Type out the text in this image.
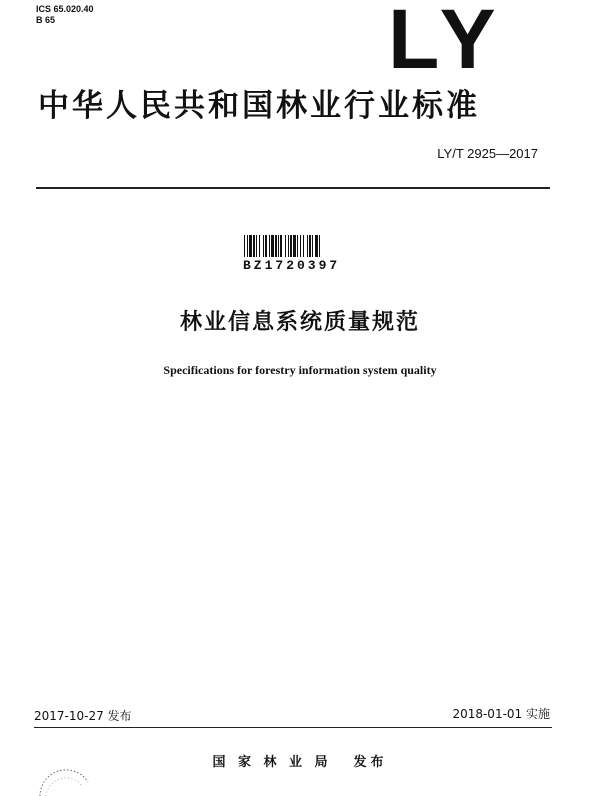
ICS 65.020.40
B 65	LY
中华人民共和国林业行业标准
LY/T 2925—2017
BZ1720397
林业信息系统质量规范
Specifications for forestry information system quality
2017-10-27 发布	2018-01-01 实施
国 家 林 业 局 发布
